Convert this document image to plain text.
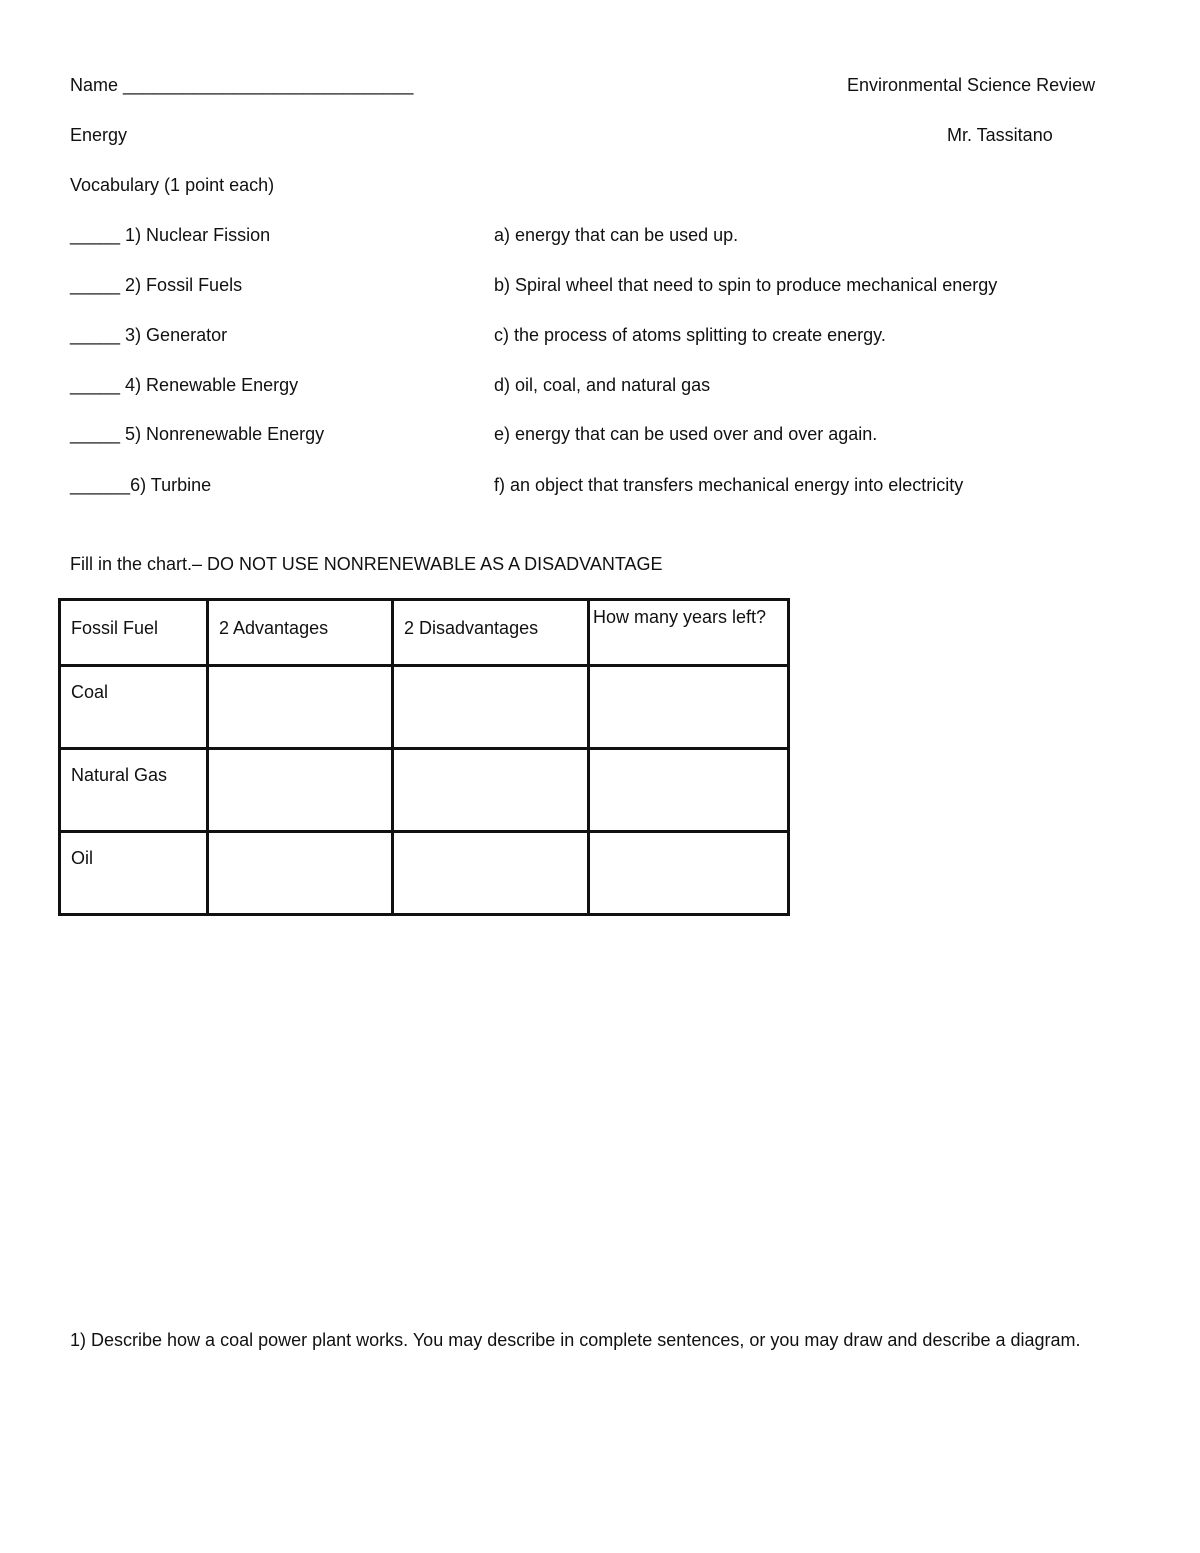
Name _____________________________	Environmental Science Review
Energy	Mr. Tassitano
Vocabulary (1 point each)
_____ 1) Nuclear Fission	a) energy that can be used up.
_____ 2) Fossil Fuels	b) Spiral wheel that need to spin to produce mechanical energy
_____ 3) Generator	c) the process of atoms splitting to create energy.
_____ 4) Renewable Energy	d) oil, coal, and natural gas
_____ 5) Nonrenewable Energy	e) energy that can be used over and over again.
______6) Turbine	f) an object that transfers mechanical energy into electricity
Fill in the chart.– DO NOT USE NONRENEWABLE AS A DISADVANTAGE
Fossil Fuel	2 Advantages	2 Disadvantages	How many years left?

Coal			

Natural Gas			

Oil			

1) Describe how a coal power plant works. You may describe in complete sentences, or you may draw and describe a diagram.
